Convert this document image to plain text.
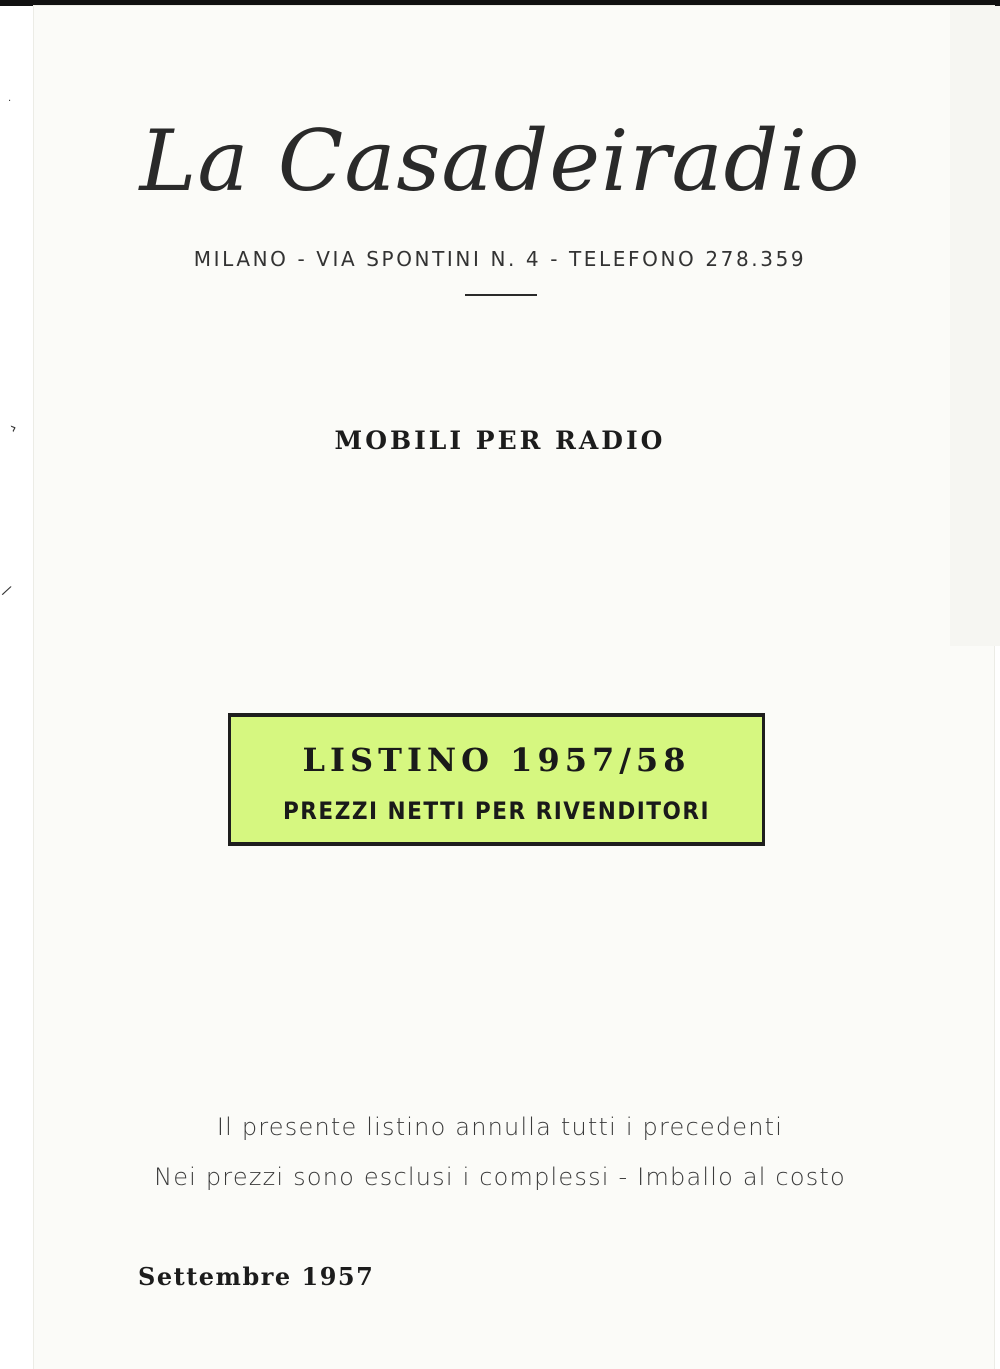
·
›
/
La Casadeiradio
MILANO - VIA SPONTINI N. 4 - TELEFONO 278.359
MOBILI PER RADIO
LISTINO 1957/58
PREZZI NETTI PER RIVENDITORI
Il presente listino annulla tutti i precedenti
Nei prezzi sono esclusi i complessi - Imballo al costo
Settembre 1957
